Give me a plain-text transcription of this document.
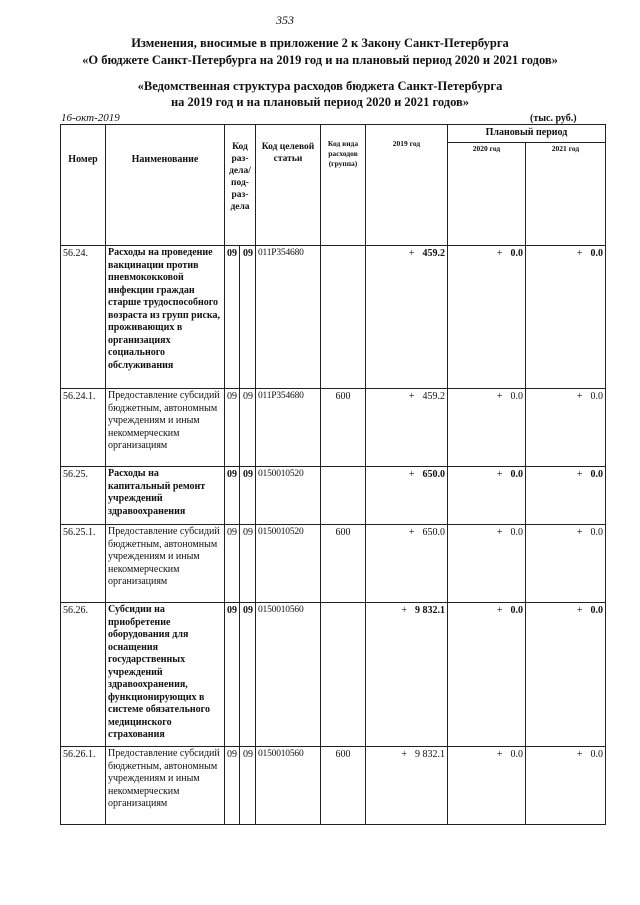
353
Изменения, вносимые в приложение 2 к Закону Санкт-Петербурга
«О бюджете Санкт-Петербурга на 2019 год и на плановый период 2020 и 2021 годов»
«Ведомственная структура расходов бюджета Санкт-Петербурга
на 2019 год и на плановый период 2020 и 2021 годов»
16-окт-2019	(тыс. руб.)
Номер	Наименование	Код раз- дела/ под- раз- дела		Код целевой статьи	Код вида расходов (группа)	2019 год	Плановый период	
							2020 год	2021 год
56.24.	Расходы на проведение вакцинации против пневмококковой инфекции граждан старше трудоспособного возраста из групп риска, проживающих в организациях социального обслуживания	09	09	011P354680		+ 459.2	+ 0.0	+ 0.0
56.24.1.	Предоставление субсидий бюджетным, автономным учреждениям и иным некоммерческим организациям	09	09	011P354680	600	+ 459.2	+ 0.0	+ 0.0
56.25.	Расходы на капитальный ремонт учреждений здравоохранения	09	09	0150010520		+ 650.0	+ 0.0	+ 0.0
56.25.1.	Предоставление субсидий бюджетным, автономным учреждениям и иным некоммерческим организациям	09	09	0150010520	600	+ 650.0	+ 0.0	+ 0.0
56.26.	Субсидии на приобретение оборудования для оснащения государственных учреждений здравоохранения, функционирующих в системе обязательного медицинского страхования	09	09	0150010560		+ 9 832.1	+ 0.0	+ 0.0
56.26.1.	Предоставление субсидий бюджетным, автономным учреждениям и иным некоммерческим организациям	09	09	0150010560	600	+ 9 832.1	+ 0.0	+ 0.0
